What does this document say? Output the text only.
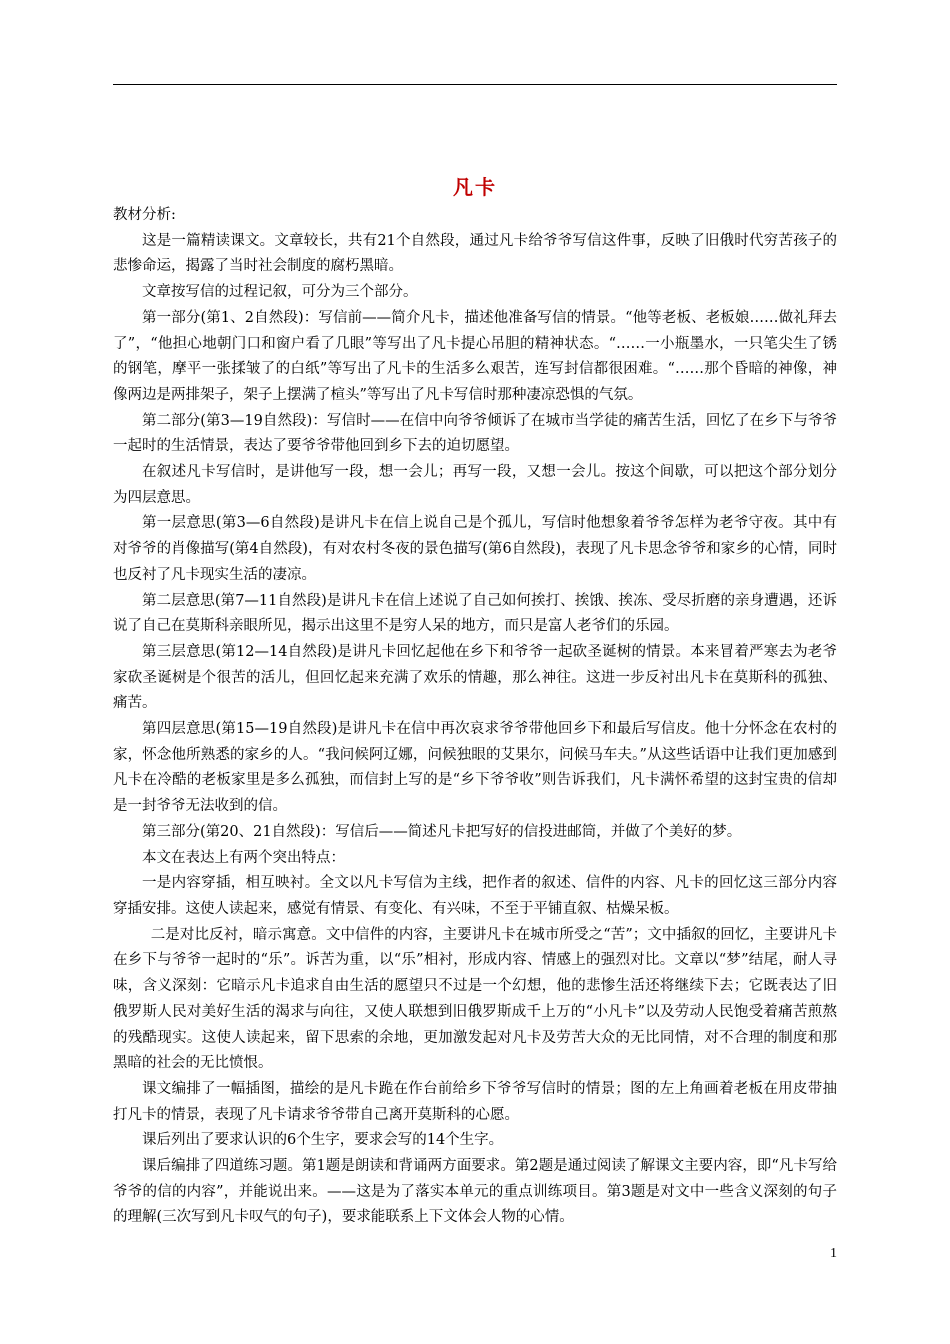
凡卡

教材分析:

这是一篇精读课文。文章较长，共有21个自然段，通过凡卡给爷爷写信这件事，反映了旧俄时代穷苦孩子的悲惨命运，揭露了当时社会制度的腐朽黑暗。

文章按写信的过程记叙，可分为三个部分。

第一部分(第1、2自然段)：写信前——简介凡卡，描述他准备写信的情景。“他等老板、老板娘……做礼拜去了”，“他担心地朝门口和窗户看了几眼”等写出了凡卡提心吊胆的精神状态。“……一小瓶墨水，一只笔尖生了锈的钢笔，摩平一张揉皱了的白纸”等写出了凡卡的生活多么艰苦，连写封信都很困难。“……那个昏暗的神像，神像两边是两排架子，架子上摆满了楦头”等写出了凡卡写信时那种凄凉恐惧的气氛。

第二部分(第3—19自然段)：写信时——在信中向爷爷倾诉了在城市当学徒的痛苦生活，回忆了在乡下与爷爷一起时的生活情景，表达了要爷爷带他回到乡下去的迫切愿望。

在叙述凡卡写信时，是讲他写一段，想一会儿；再写一段，又想一会儿。按这个间歇，可以把这个部分划分为四层意思。

第一层意思(第3—6自然段)是讲凡卡在信上说自己是个孤儿，写信时他想象着爷爷怎样为老爷守夜。其中有对爷爷的肖像描写(第4自然段)，有对农村冬夜的景色描写(第6自然段)，表现了凡卡思念爷爷和家乡的心情，同时也反衬了凡卡现实生活的凄凉。

第二层意思(第7—11自然段)是讲凡卡在信上述说了自己如何挨打、挨饿、挨冻、受尽折磨的亲身遭遇，还诉说了自己在莫斯科亲眼所见，揭示出这里不是穷人呆的地方，而只是富人老爷们的乐园。

第三层意思(第12—14自然段)是讲凡卡回忆起他在乡下和爷爷一起砍圣诞树的情景。本来冒着严寒去为老爷家砍圣诞树是个很苦的活儿，但回忆起来充满了欢乐的情趣，那么神往。这进一步反衬出凡卡在莫斯科的孤独、痛苦。

第四层意思(第15—19自然段)是讲凡卡在信中再次哀求爷爷带他回乡下和最后写信皮。他十分怀念在农村的家，怀念他所熟悉的家乡的人。“我问候阿辽娜，问候独眼的艾果尔，问候马车夫。”从这些话语中让我们更加感到凡卡在冷酷的老板家里是多么孤独，而信封上写的是“乡下爷爷收”则告诉我们，凡卡满怀希望的这封宝贵的信却是一封爷爷无法收到的信。

第三部分(第20、21自然段)：写信后——简述凡卡把写好的信投进邮筒，并做了个美好的梦。

本文在表达上有两个突出特点：

一是内容穿插，相互映衬。全文以凡卡写信为主线，把作者的叙述、信件的内容、凡卡的回忆这三部分内容穿插安排。这使人读起来，感觉有情景、有变化、有兴味，不至于平铺直叙、枯燥呆板。

二是对比反衬，暗示寓意。文中信件的内容，主要讲凡卡在城市所受之“苦”；文中插叙的回忆，主要讲凡卡在乡下与爷爷一起时的“乐”。诉苦为重，以“乐”相衬，形成内容、情感上的强烈对比。文章以“梦”结尾，耐人寻味，含义深刻：它暗示凡卡追求自由生活的愿望只不过是一个幻想，他的悲惨生活还将继续下去；它既表达了旧俄罗斯人民对美好生活的渴求与向往，又使人联想到旧俄罗斯成千上万的“小凡卡”以及劳动人民饱受着痛苦煎熬的残酷现实。这使人读起来，留下思索的余地，更加激发起对凡卡及劳苦大众的无比同情，对不合理的制度和那黑暗的社会的无比愤恨。

课文编排了一幅插图，描绘的是凡卡跪在作台前给乡下爷爷写信时的情景；图的左上角画着老板在用皮带抽打凡卡的情景，表现了凡卡请求爷爷带自己离开莫斯科的心愿。

课后列出了要求认识的6个生字，要求会写的14个生字。

课后编排了四道练习题。第1题是朗读和背诵两方面要求。第2题是通过阅读了解课文主要内容，即“凡卡写给爷爷的信的内容”，并能说出来。——这是为了落实本单元的重点训练项目。第3题是对文中一些含义深刻的句子的理解(三次写到凡卡叹气的句子)，要求能联系上下文体会人物的心情。

1
